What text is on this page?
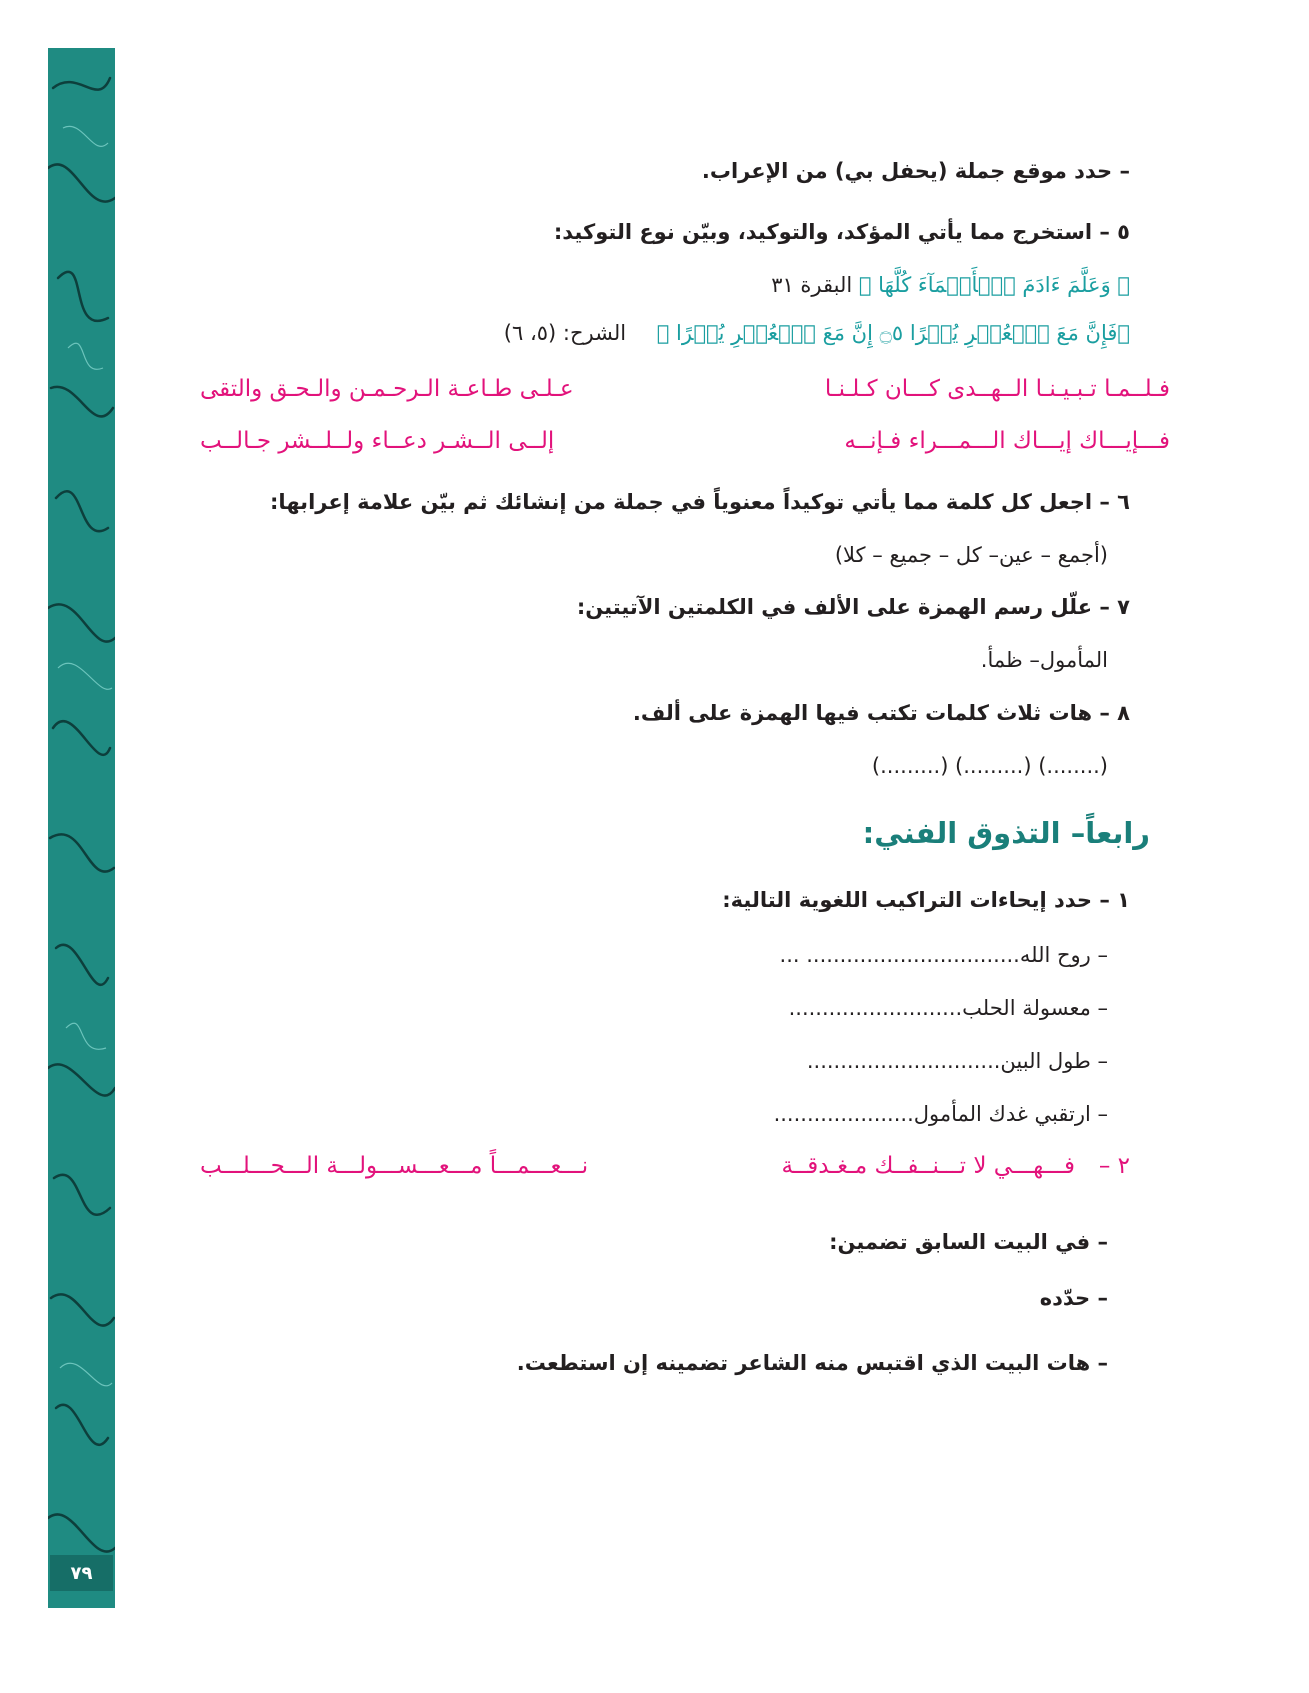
٧٩
– حدد موقع جملة (يحفل بي) من الإعراب.
٥ – استخرج مما يأتي المؤكد، والتوكيد، وبيّن نوع التوكيد:
﴿ وَعَلَّمَ ءَادَمَ ٱلۡأَسۡمَآءَ كُلَّهَا ﴾ البقرة ٣١
﴿فَإِنَّ مَعَ ٱلۡعُسۡرِ يُسۡرًا ۝٥ إِنَّ مَعَ ٱلۡعُسۡرِ يُسۡرًا ﴾ الشرح: (٥، ٦)
فـلــمـا تـبـيـنـا الــهــدى كـــان كـلـنـا
عـلـى طـاعـة الـرحـمـن والـحـق والتقى
فـــإيـــاك إيـــاك الـــمـــراء فـإنــه
إلــى الــشـر دعــاء ولــلــشر جـالــب
٦ – اجعل كل كلمة مما يأتي توكيداً معنوياً في جملة من إنشائك ثم بيّن علامة إعرابها:
(أجمع – عين– كل – جميع – كلا)
٧ – علّل رسم الهمزة على الألف في الكلمتين الآتيتين:
المأمول– ظمأ.
٨ – هات ثلاث كلمات تكتب فيها الهمزة على ألف.
(........) (.........) (.........)
رابعاً– التذوق الفني:
١ – حدد إيحاءات التراكيب اللغوية التالية:
– روح الله................................ ...
– معسولة الحلب..........................
– طول البين.............................
– ارتقبي غدك المأمول.....................
٢ –
فـــهـــي لا تـــنــفــك مـغـدقــة
نـــعـــمـــاً مـــعـــســـولـــة الـــحـــلـــب
– في البيت السابق تضمين:
– حدّده
– هات البيت الذي اقتبس منه الشاعر تضمينه إن استطعت.
